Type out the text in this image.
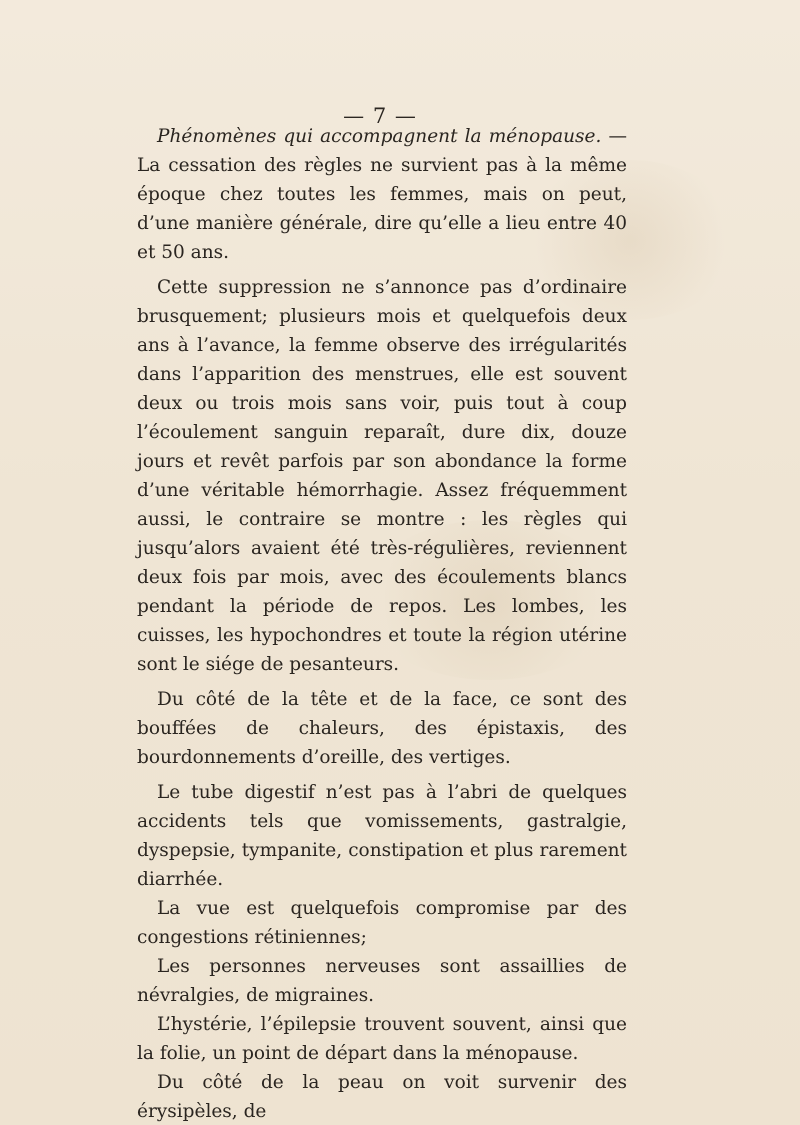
— 7 —

Phénomènes qui accompagnent la ménopause. — La cessation des règles ne survient pas à la même époque chez toutes les femmes, mais on peut, d’une manière générale, dire qu’elle a lieu entre 40 et 50 ans.

Cette suppression ne s’annonce pas d’ordinaire brusquement; plusieurs mois et quelquefois deux ans à l’avance, la femme observe des irrégularités dans l’apparition des menstrues, elle est souvent deux ou trois mois sans voir, puis tout à coup l’écoulement sanguin reparaît, dure dix, douze jours et revêt parfois par son abondance la forme d’une véritable hémorrhagie. Assez fréquemment aussi, le contraire se montre : les règles qui jusqu’alors avaient été très-régulières, reviennent deux fois par mois, avec des écoulements blancs pendant la période de repos. Les lombes, les cuisses, les hypochondres et toute la région utérine sont le siége de pesanteurs.

Du côté de la tête et de la face, ce sont des bouffées de chaleurs, des épistaxis, des bourdonnements d’oreille, des vertiges.

Le tube digestif n’est pas à l’abri de quelques accidents tels que vomissements, gastralgie, dyspepsie, tympanite, constipation et plus rarement diarrhée.

La vue est quelquefois compromise par des congestions rétiniennes;

Les personnes nerveuses sont assaillies de névralgies, de migraines.

L’hystérie, l’épilepsie trouvent souvent, ainsi que la folie, un point de départ dans la ménopause.

Du côté de la peau on voit survenir des érysipèles, de
